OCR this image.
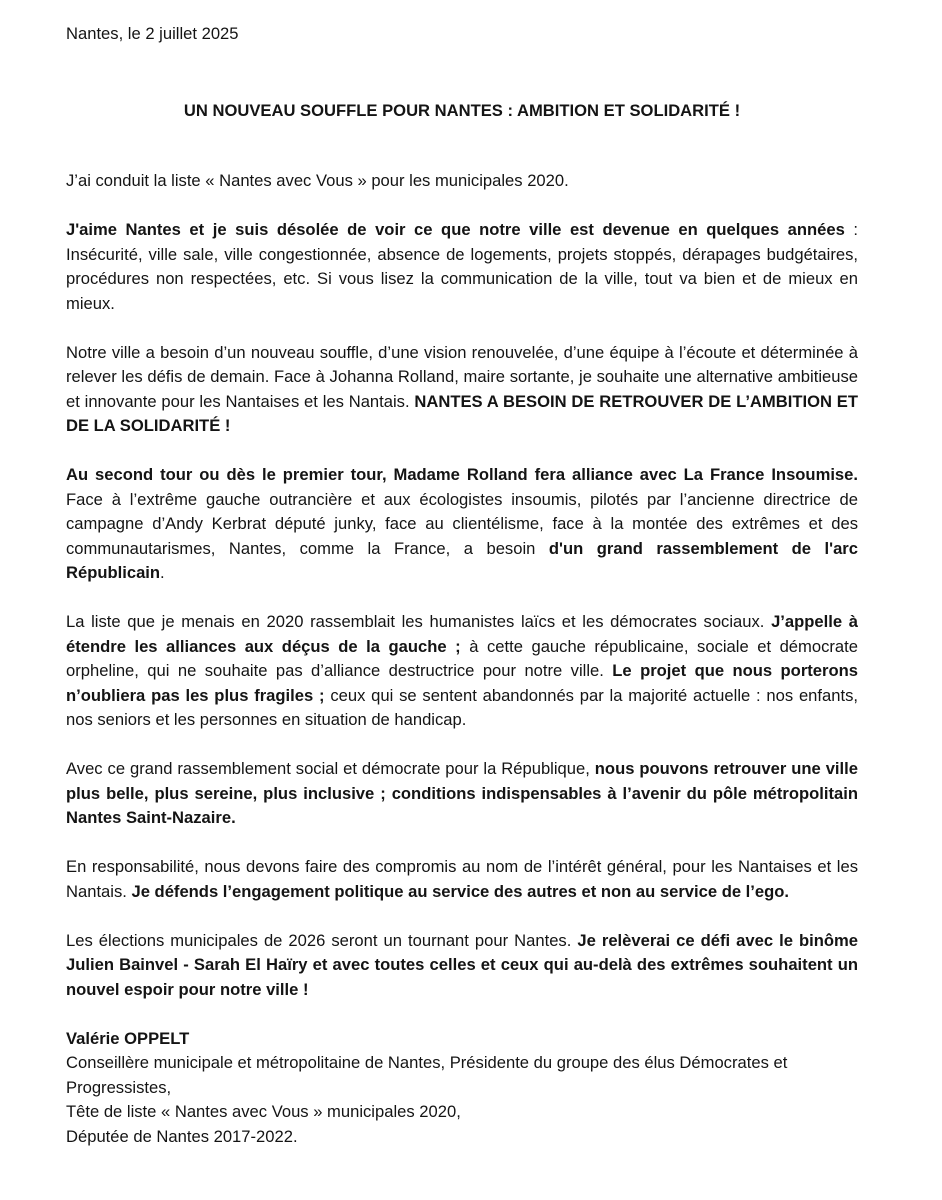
Nantes, le 2 juillet 2025
UN NOUVEAU SOUFFLE POUR NANTES : AMBITION ET SOLIDARITÉ !
J’ai conduit la liste « Nantes avec Vous » pour les municipales 2020.
J'aime Nantes et je suis désolée de voir ce que notre ville est devenue en quelques années : Insécurité, ville sale, ville congestionnée, absence de logements, projets stoppés, dérapages budgétaires, procédures non respectées, etc. Si vous lisez la communication de la ville, tout va bien et de mieux en mieux.
Notre ville a besoin d’un nouveau souffle, d’une vision renouvelée, d’une équipe à l’écoute et déterminée à relever les défis de demain. Face à Johanna Rolland, maire sortante, je souhaite une alternative ambitieuse et innovante pour les Nantaises et les Nantais. NANTES A BESOIN DE RETROUVER DE L’AMBITION ET DE LA SOLIDARITÉ !
Au second tour ou dès le premier tour, Madame Rolland fera alliance avec La France Insoumise. Face à l’extrême gauche outrancière et aux écologistes insoumis, pilotés par l’ancienne directrice de campagne d’Andy Kerbrat député junky, face au clientélisme, face à la montée des extrêmes et des communautarismes, Nantes, comme la France, a besoin d'un grand rassemblement de l'arc Républicain.
La liste que je menais en 2020 rassemblait les humanistes laïcs et les démocrates sociaux. J’appelle à étendre les alliances aux déçus de la gauche ; à cette gauche républicaine, sociale et démocrate orpheline, qui ne souhaite pas d’alliance destructrice pour notre ville. Le projet que nous porterons n’oubliera pas les plus fragiles ; ceux qui se sentent abandonnés par la majorité actuelle : nos enfants, nos seniors et les personnes en situation de handicap.
Avec ce grand rassemblement social et démocrate pour la République, nous pouvons retrouver une ville plus belle, plus sereine, plus inclusive ; conditions indispensables à l’avenir du pôle métropolitain Nantes Saint-Nazaire.
En responsabilité, nous devons faire des compromis au nom de l’intérêt général, pour les Nantaises et les Nantais. Je défends l’engagement politique au service des autres et non au service de l’ego.
Les élections municipales de 2026 seront un tournant pour Nantes. Je relèverai ce défi avec le binôme Julien Bainvel - Sarah El Haïry et avec toutes celles et ceux qui au-delà des extrêmes souhaitent un nouvel espoir pour notre ville !
Valérie OPPELT
Conseillère municipale et métropolitaine de Nantes, Présidente du groupe des élus Démocrates et Progressistes,
Tête de liste « Nantes avec Vous » municipales 2020,
Députée de Nantes 2017-2022.
